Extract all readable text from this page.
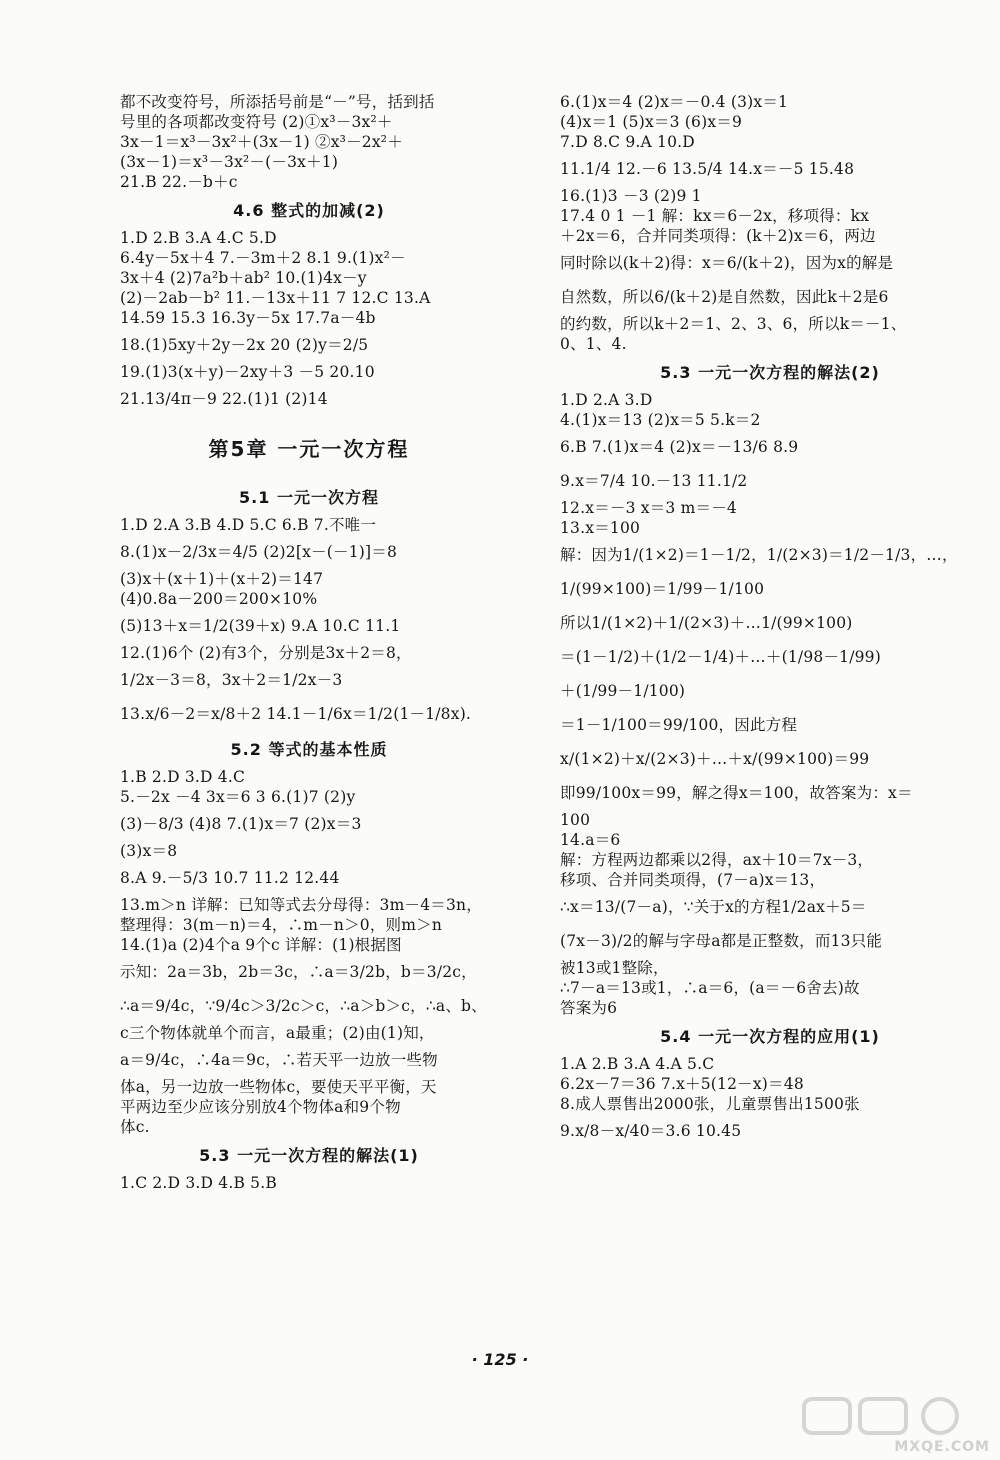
都不改变符号，所添括号前是“－”号，括到括
号里的各项都改变符号 (2)①x³－3x²＋
3x－1＝x³－3x²＋(3x－1) ②x³－2x²＋
(3x－1)＝x³－3x²－(－3x＋1)
21.B 22.－b＋c
4.6 整式的加减(2)
1.D 2.B 3.A 4.C 5.D
6.4y－5x＋4 7.－3m＋2 8.1 9.(1)x²－
3x＋4 (2)7a²b＋ab² 10.(1)4x－y
(2)－2ab－b² 11.－13x＋11 7 12.C 13.A
14.59 15.3 16.3y－5x 17.7a－4b
18.(1)5xy＋2y－2x 20 (2)y＝2/5
19.(1)3(x＋y)－2xy＋3 －5 20.10
21.13/4π－9 22.(1)1 (2)14
第5章 一元一次方程
5.1 一元一次方程
1.D 2.A 3.B 4.D 5.C 6.B 7.不唯一
8.(1)x－2/3x＝4/5 (2)2[x－(－1)]＝8
(3)x＋(x＋1)＋(x＋2)＝147
(4)0.8a－200＝200×10%
(5)13＋x＝1/2(39＋x) 9.A 10.C 11.1
12.(1)6个 (2)有3个，分别是3x＋2＝8，
1/2x－3＝8，3x＋2＝1/2x－3
13.x/6－2＝x/8＋2 14.1－1/6x＝1/2(1－1/8x).
5.2 等式的基本性质
1.B 2.D 3.D 4.C
5.－2x －4 3x＝6 3 6.(1)7 (2)y
(3)－8/3 (4)8 7.(1)x＝7 (2)x＝3
(3)x＝8
8.A 9.－5/3 10.7 11.2 12.44
13.m＞n 详解：已知等式去分母得：3m－4＝3n，
整理得：3(m－n)＝4，∴m－n＞0，则m＞n
14.(1)a (2)4个a 9个c 详解：(1)根据图
示知：2a＝3b，2b＝3c，∴a＝3/2b，b＝3/2c，
∴a＝9/4c，∵9/4c＞3/2c＞c，∴a＞b＞c，∴a、b、
c三个物体就单个而言，a最重；(2)由(1)知，
a＝9/4c，∴4a＝9c，∴若天平一边放一些物
体a，另一边放一些物体c，要使天平平衡，天
平两边至少应该分别放4个物体a和9个物
体c.
5.3 一元一次方程的解法(1)
1.C 2.D 3.D 4.B 5.B
6.(1)x＝4 (2)x＝－0.4 (3)x＝1
(4)x＝1 (5)x＝3 (6)x＝9
7.D 8.C 9.A 10.D
11.1/4 12.－6 13.5/4 14.x＝－5 15.48
16.(1)3 －3 (2)9 1
17.4 0 1 －1 解：kx＝6－2x，移项得：kx
＋2x＝6，合并同类项得：(k＋2)x＝6，两边
同时除以(k＋2)得：x＝6/(k＋2)，因为x的解是
自然数，所以6/(k＋2)是自然数，因此k＋2是6
的约数，所以k＋2＝1、2、3、6，所以k＝－1、
0、1、4.
5.3 一元一次方程的解法(2)
1.D 2.A 3.D
4.(1)x＝13 (2)x＝5 5.k＝2
6.B 7.(1)x＝4 (2)x＝－13/6 8.9
9.x＝7/4 10.－13 11.1/2
12.x＝－3 x＝3 m＝－4
13.x＝100
解：因为1/(1×2)＝1－1/2，1/(2×3)＝1/2－1/3，…，
1/(99×100)＝1/99－1/100
所以1/(1×2)＋1/(2×3)＋…1/(99×100)
＝(1－1/2)＋(1/2－1/4)＋…＋(1/98－1/99)
＋(1/99－1/100)
＝1－1/100＝99/100，因此方程
x/(1×2)＋x/(2×3)＋…＋x/(99×100)＝99
即99/100x＝99，解之得x＝100，故答案为：x＝
100
14.a＝6
解：方程两边都乘以2得，ax＋10＝7x－3，
移项、合并同类项得，(7－a)x＝13，
∴x＝13/(7－a)，∵关于x的方程1/2ax＋5＝
(7x－3)/2的解与字母a都是正整数，而13只能
被13或1整除，
∴7－a＝13或1，∴a＝6，(a＝－6舍去)故
答案为6
5.4 一元一次方程的应用(1)
1.A 2.B 3.A 4.A 5.C
6.2x－7＝36 7.x＋5(12－x)＝48
8.成人票售出2000张，儿童票售出1500张
9.x/8－x/40＝3.6 10.45
· 125 ·
MXQE.COM
